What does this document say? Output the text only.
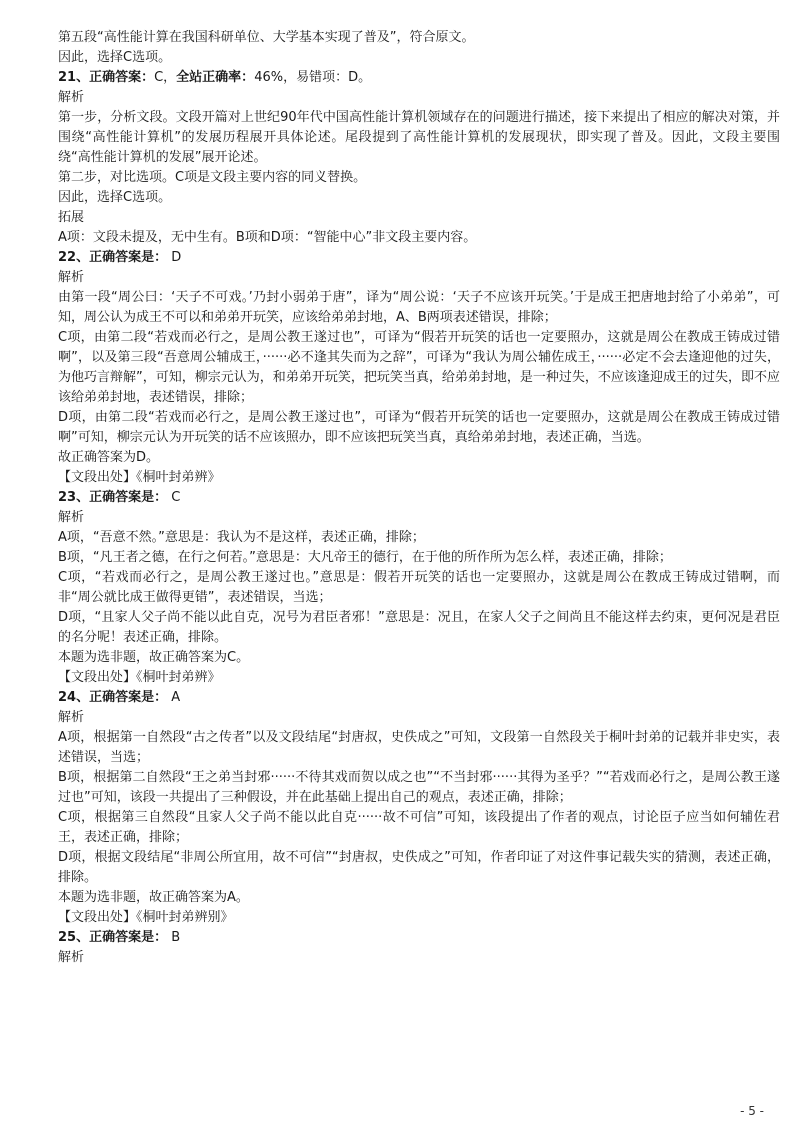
第五段“高性能计算在我国科研单位、大学基本实现了普及”，符合原文。
因此，选择C选项。
21、正确答案：C，全站正确率：46%，易错项：D。
解析
第一步，分析文段。文段开篇对上世纪90年代中国高性能计算机领域存在的问题进行描述，接下来提出了相应的解决对策，并围绕“高性能计算机”的发展历程展开具体论述。尾段提到了高性能计算机的发展现状，即实现了普及。因此，文段主要围绕“高性能计算机的发展”展开论述。
第二步，对比选项。C项是文段主要内容的同义替换。
因此，选择C选项。
拓展
A项：文段未提及，无中生有。B项和D项：“智能中心”非文段主要内容。
22、正确答案是： D
解析
由第一段“周公曰：‘天子不可戏。’乃封小弱弟于唐”，译为“周公说：‘天子不应该开玩笑。’于是成王把唐地封给了小弟弟”，可知，周公认为成王不可以和弟弟开玩笑，应该给弟弟封地，A、B两项表述错误，排除；
C项，由第二段“若戏而必行之，是周公教王遂过也”，可译为“假若开玩笑的话也一定要照办，这就是周公在教成王铸成过错啊”，以及第三段“吾意周公辅成王，······必不逢其失而为之辞”，可译为“我认为周公辅佐成王，······必定不会去逢迎他的过失，为他巧言辩解”，可知，柳宗元认为，和弟弟开玩笑，把玩笑当真，给弟弟封地，是一种过失，不应该逢迎成王的过失，即不应该给弟弟封地，表述错误，排除；
D项，由第二段“若戏而必行之，是周公教王遂过也”，可译为“假若开玩笑的话也一定要照办，这就是周公在教成王铸成过错啊”可知，柳宗元认为开玩笑的话不应该照办，即不应该把玩笑当真，真给弟弟封地，表述正确，当选。
故正确答案为D。
【文段出处】《桐叶封弟辨》
23、正确答案是： C
解析
A项，“吾意不然。”意思是：我认为不是这样，表述正确，排除；
B项，“凡王者之德，在行之何若。”意思是：大凡帝王的德行，在于他的所作所为怎么样，表述正确，排除；
C项，“若戏而必行之，是周公教王遂过也。”意思是：假若开玩笑的话也一定要照办，这就是周公在教成王铸成过错啊，而非“周公就比成王做得更错”，表述错误，当选；
D项，“且家人父子尚不能以此自克，况号为君臣者邪！”意思是：况且，在家人父子之间尚且不能这样去约束，更何况是君臣的名分呢！表述正确，排除。
本题为选非题，故正确答案为C。
【文段出处】《桐叶封弟辨》
24、正确答案是： A
解析
A项，根据第一自然段“古之传者”以及文段结尾“封唐叔，史佚成之”可知，文段第一自然段关于桐叶封弟的记载并非史实，表述错误，当选；
B项，根据第二自然段“王之弟当封邪······不待其戏而贺以成之也”“不当封邪······其得为圣乎？”“若戏而必行之，是周公教王遂过也”可知，该段一共提出了三种假设，并在此基础上提出自己的观点，表述正确，排除；
C项，根据第三自然段“且家人父子尚不能以此自克······故不可信”可知，该段提出了作者的观点，讨论臣子应当如何辅佐君王，表述正确，排除；
D项，根据文段结尾“非周公所宜用，故不可信”“封唐叔，史佚成之”可知，作者印证了对这件事记载失实的猜测，表述正确，排除。
本题为选非题，故正确答案为A。
【文段出处】《桐叶封弟辨别》
25、正确答案是： B
解析
- 5 -
